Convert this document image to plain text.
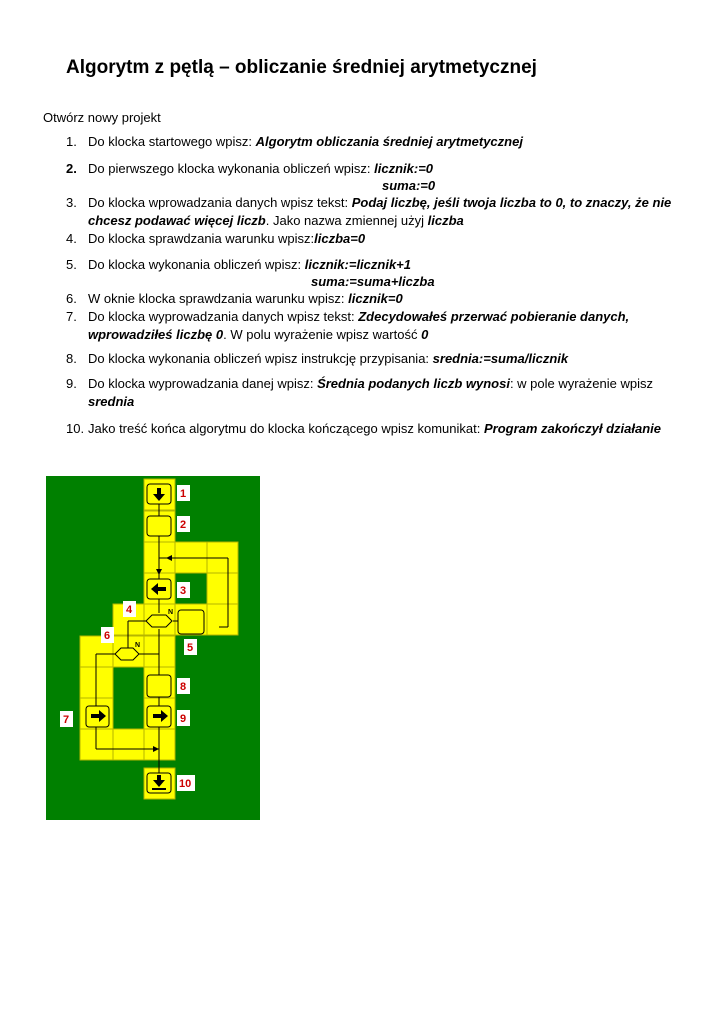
Algorytm z pętlą – obliczanie średniej arytmetycznej
Otwórz nowy projekt
1. Do klocka startowego wpisz: Algorytm obliczania średniej arytmetycznej
2. Do pierwszego klocka wykonania obliczeń wpisz: licznik:=0
suma:=0
3. Do klocka wprowadzania danych wpisz tekst: Podaj liczbę, jeśli twoja liczba to 0, to znaczy, że nie chcesz podawać więcej liczb. Jako nazwa zmiennej użyj liczba
4. Do klocka sprawdzania warunku wpisz:liczba=0
5. Do klocka wykonania obliczeń wpisz: licznik:=licznik+1
suma:=suma+liczba
6. W oknie klocka sprawdzania warunku wpisz: licznik=0
7. Do klocka wyprowadzania danych wpisz tekst: Zdecydowałeś przerwać pobieranie danych, wprowadziłeś liczbę 0. W polu wyrażenie wpisz wartość 0
8. Do klocka wykonania obliczeń wpisz instrukcję przypisania: srednia:=suma/licznik
9. Do klocka wyprowadzania danej wpisz: Średnia podanych liczb wynosi: w pole wyrażenie wpisz
srednia
10. Jako treść końca algorytmu do klocka kończącego wpisz komunikat: Program zakończył działanie
N
N
1
2
3
4
5
6
7
8
9
10
